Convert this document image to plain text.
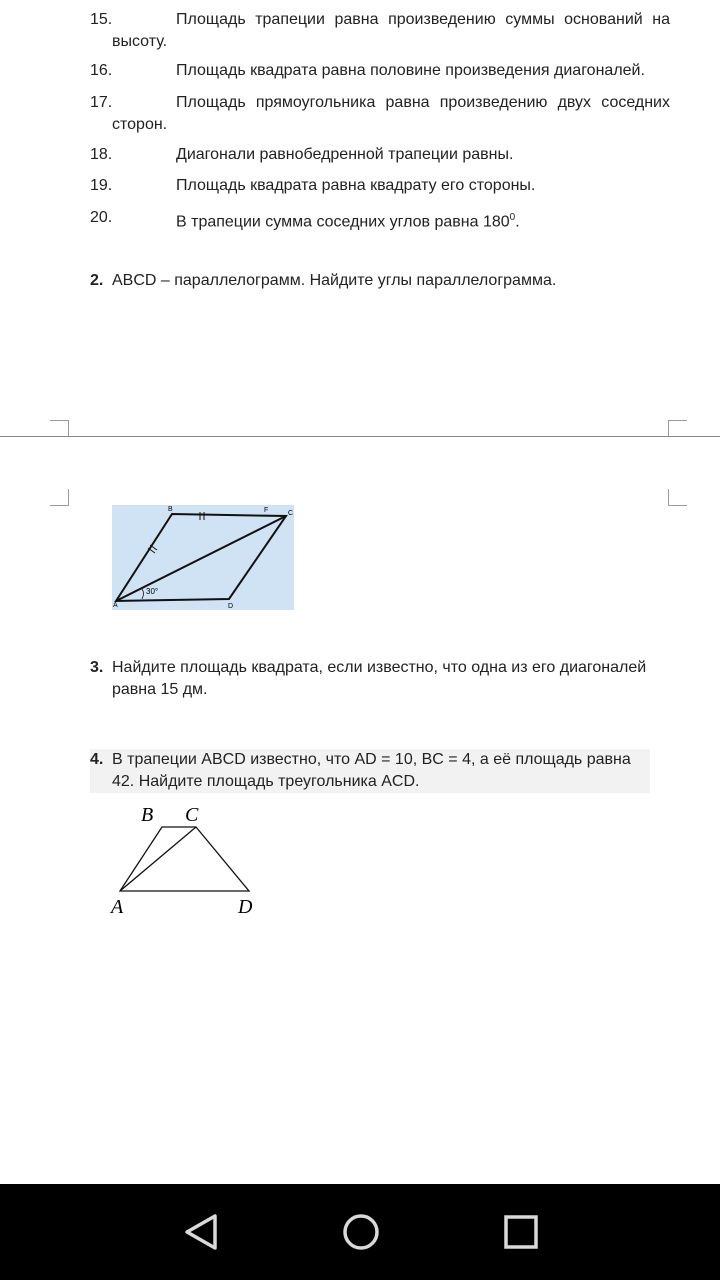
15.	Площадь трапеции равна произведению суммы оснований на высоту.
16.	Площадь квадрата равна половине произведения диагоналей.
17.	Площадь прямоугольника равна произведению двух соседних сторон.
18.	Диагонали равнобедренной трапеции равны.
19.	Площадь квадрата равна квадрату его стороны.
20.	В трапеции сумма соседних углов равна $180^0$.
2. ABCD – параллелограмм. Найдите углы параллелограмма.
B	F	C
A	D
30°
3. Найдите площадь квадрата, если известно, что одна из его диагоналей равна 15 дм.
4. В трапеции ABCD известно, что AD = 10, BC = 4, а её площадь равна 42. Найдите площадь треугольника ACD.
B C
A	D
